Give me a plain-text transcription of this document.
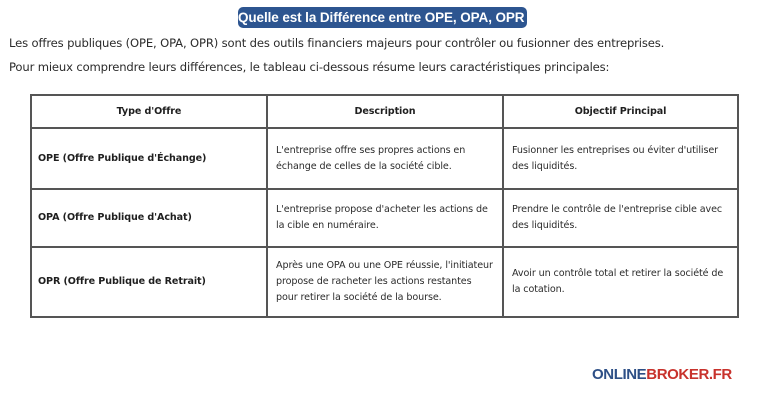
Quelle est la Différence entre OPE, OPA, OPR ?
Les offres publiques (OPE, OPA, OPR) sont des outils financiers majeurs pour contrôler ou fusionner des entreprises.
Pour mieux comprendre leurs différences, le tableau ci-dessous résume leurs caractéristiques principales:
Type d'Offre	Description	Objectif Principal
OPE (Offre Publique d'Échange)	L'entreprise offre ses propres actions en échange de celles de la société cible.	Fusionner les entreprises ou éviter d'utiliser des liquidités.
OPA (Offre Publique d'Achat)	L'entreprise propose d'acheter les actions de la cible en numéraire.	Prendre le contrôle de l'entreprise cible avec des liquidités.
OPR (Offre Publique de Retrait)	Après une OPA ou une OPE réussie, l'initiateur propose de racheter les actions restantes pour retirer la société de la bourse.	Avoir un contrôle total et retirer la société de la cotation.
ONLINEBROKER.FR
